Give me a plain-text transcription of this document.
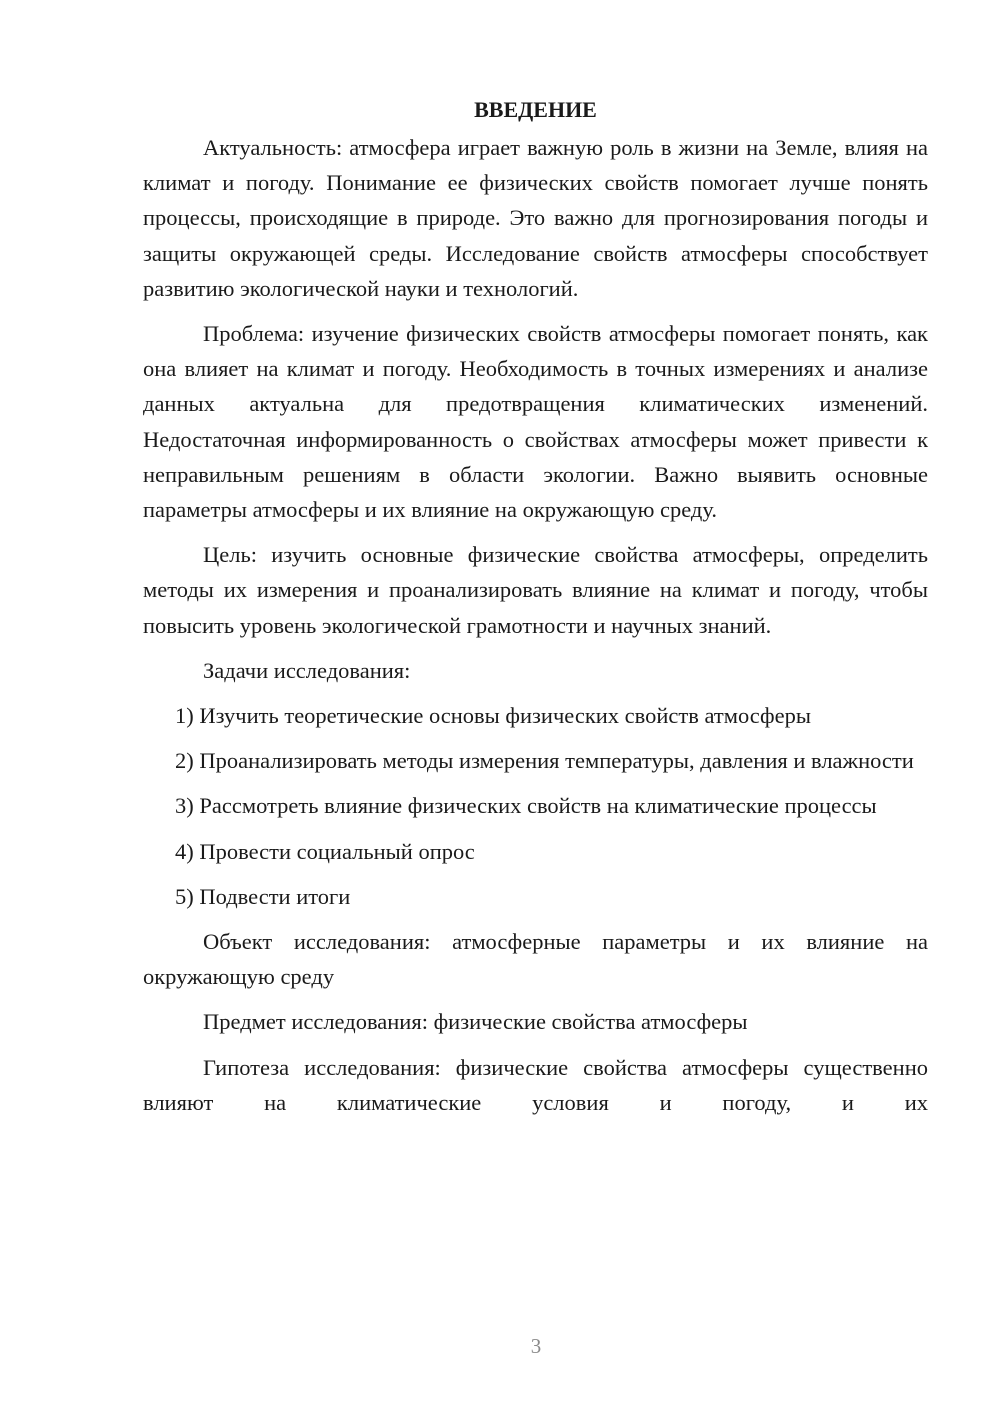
ВВЕДЕНИЕ

Актуальность: атмосфера играет важную роль в жизни на Земле, влияя на климат и погоду. Понимание ее физических свойств помогает лучше понять процессы, происходящие в природе. Это важно для прогнозирования погоды и защиты окружающей среды. Исследование свойств атмосферы способствует развитию экологической науки и технологий.

Проблема: изучение физических свойств атмосферы помогает понять, как она влияет на климат и погоду. Необходимость в точных измерениях и анализе данных актуальна для предотвращения климатических изменений. Недостаточная информированность о свойствах атмосферы может привести к неправильным решениям в области экологии. Важно выявить основные параметры атмосферы и их влияние на окружающую среду.

Цель: изучить основные физические свойства атмосферы, определить методы их измерения и проанализировать влияние на климат и погоду, чтобы повысить уровень экологической грамотности и научных знаний.

Задачи исследования:

1) Изучить теоретические основы физических свойств атмосферы

2) Проанализировать методы измерения температуры, давления и влажности

3) Рассмотреть влияние физических свойств на климатические процессы

4) Провести социальный опрос

5) Подвести итоги

Объект исследования: атмосферные параметры и их влияние на окружающую среду

Предмет исследования: физические свойства атмосферы

Гипотеза исследования: физические свойства атмосферы существенно влияют на климатические условия и погоду, и их

3
